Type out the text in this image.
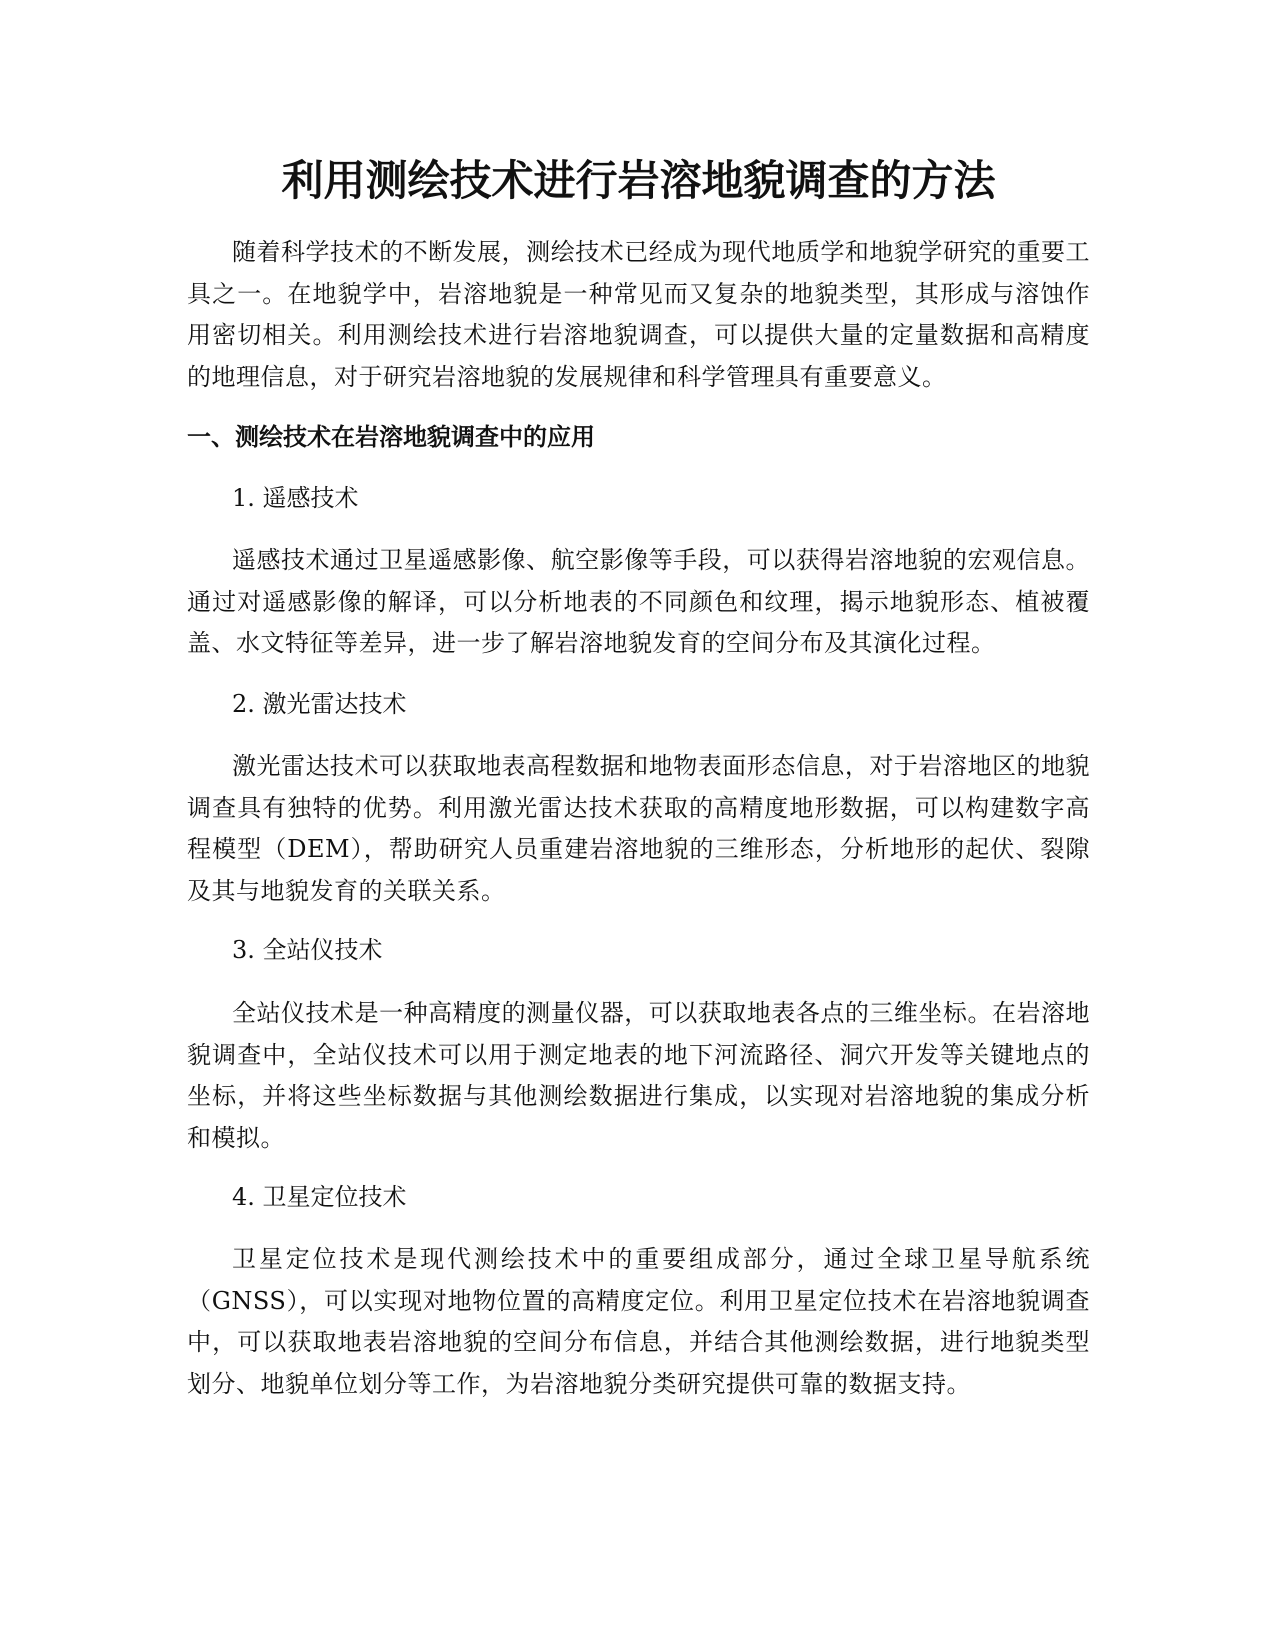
利用测绘技术进行岩溶地貌调查的方法

随着科学技术的不断发展，测绘技术已经成为现代地质学和地貌学研究的重要工具之一。在地貌学中，岩溶地貌是一种常见而又复杂的地貌类型，其形成与溶蚀作用密切相关。利用测绘技术进行岩溶地貌调查，可以提供大量的定量数据和高精度的地理信息，对于研究岩溶地貌的发展规律和科学管理具有重要意义。

一、测绘技术在岩溶地貌调查中的应用

1. 遥感技术

遥感技术通过卫星遥感影像、航空影像等手段，可以获得岩溶地貌的宏观信息。通过对遥感影像的解译，可以分析地表的不同颜色和纹理，揭示地貌形态、植被覆盖、水文特征等差异，进一步了解岩溶地貌发育的空间分布及其演化过程。

2. 激光雷达技术

激光雷达技术可以获取地表高程数据和地物表面形态信息，对于岩溶地区的地貌调查具有独特的优势。利用激光雷达技术获取的高精度地形数据，可以构建数字高程模型（DEM），帮助研究人员重建岩溶地貌的三维形态，分析地形的起伏、裂隙及其与地貌发育的关联关系。

3. 全站仪技术

全站仪技术是一种高精度的测量仪器，可以获取地表各点的三维坐标。在岩溶地貌调查中，全站仪技术可以用于测定地表的地下河流路径、洞穴开发等关键地点的坐标，并将这些坐标数据与其他测绘数据进行集成，以实现对岩溶地貌的集成分析和模拟。

4. 卫星定位技术

卫星定位技术是现代测绘技术中的重要组成部分，通过全球卫星导航系统（GNSS），可以实现对地物位置的高精度定位。利用卫星定位技术在岩溶地貌调查中，可以获取地表岩溶地貌的空间分布信息，并结合其他测绘数据，进行地貌类型划分、地貌单位划分等工作，为岩溶地貌分类研究提供可靠的数据支持。
